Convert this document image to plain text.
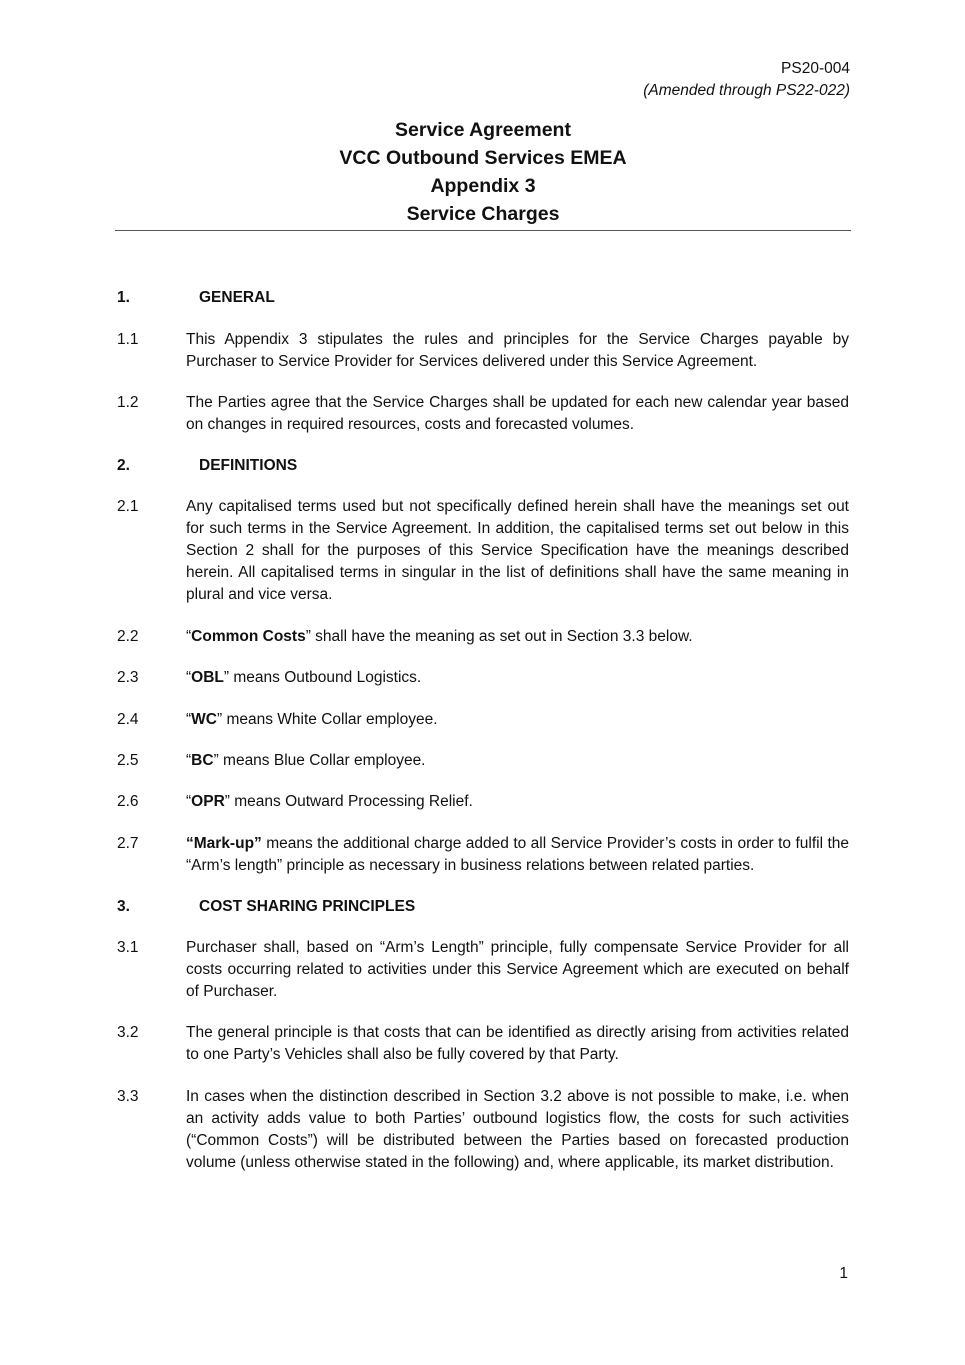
PS20-004
(Amended through PS22-022)
Service Agreement
VCC Outbound Services EMEA
Appendix 3
Service Charges
1.	GENERAL
1.1	This Appendix 3 stipulates the rules and principles for the Service Charges payable by Purchaser to Service Provider for Services delivered under this Service Agreement.
1.2	The Parties agree that the Service Charges shall be updated for each new calendar year based on changes in required resources, costs and forecasted volumes.
2.	DEFINITIONS
2.1	Any capitalised terms used but not specifically defined herein shall have the meanings set out for such terms in the Service Agreement. In addition, the capitalised terms set out below in this Section 2 shall for the purposes of this Service Specification have the meanings described herein. All capitalised terms in singular in the list of definitions shall have the same meaning in plural and vice versa.
2.2	“Common Costs” shall have the meaning as set out in Section 3.3 below.
2.3	“OBL” means Outbound Logistics.
2.4	“WC” means White Collar employee.
2.5	“BC” means Blue Collar employee.
2.6	“OPR” means Outward Processing Relief.
2.7	“Mark-up” means the additional charge added to all Service Provider’s costs in order to fulfil the “Arm’s length” principle as necessary in business relations between related parties.
3.	COST SHARING PRINCIPLES
3.1	Purchaser shall, based on “Arm’s Length” principle, fully compensate Service Provider for all costs occurring related to activities under this Service Agreement which are executed on behalf of Purchaser.
3.2	The general principle is that costs that can be identified as directly arising from activities related to one Party’s Vehicles shall also be fully covered by that Party.
3.3	In cases when the distinction described in Section 3.2 above is not possible to make, i.e. when an activity adds value to both Parties’ outbound logistics flow, the costs for such activities (“Common Costs”) will be distributed between the Parties based on forecasted production volume (unless otherwise stated in the following) and, where applicable, its market distribution.
1
